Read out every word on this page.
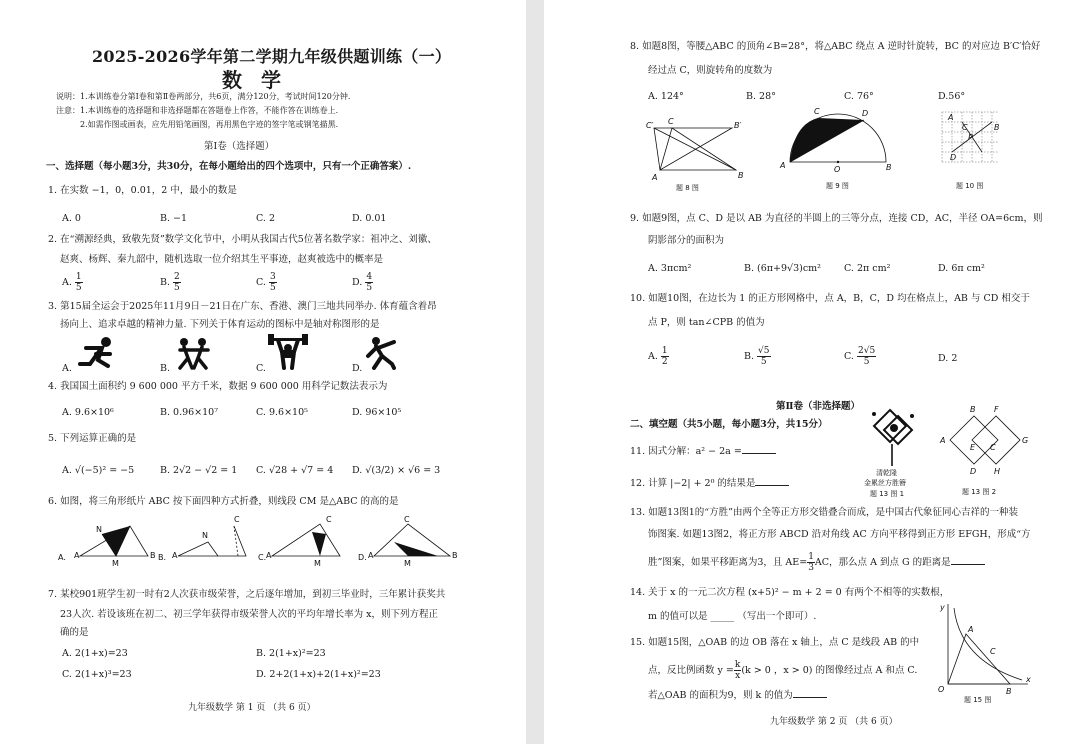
2025-2026学年第二学期九年级供题训练（一）
数 学
说明：1.本训练卷分第Ⅰ卷和第Ⅱ卷两部分，共6页，满分120分，考试时间120分钟.
注意：1.本训练卷的选择题和非选择题都在答题卷上作答，不能作答在训练卷上.
2.如需作图或画表，应先用铅笔画图，再用黑色字迹的签字笔或钢笔描黑.
第Ⅰ卷（选择题）
一、选择题（每小题3分，共30分，在每小题给出的四个选项中，只有一个正确答案）.
1. 在实数 −1，0，0.01，2 中，最小的数是
A. 0	B. −1	C. 2	D. 0.01
2. 在“溯源经典，致敬先贤”数学文化节中，小明从我国古代5位著名数学家：祖冲之、刘徽、
赵爽、杨辉、秦九韶中，随机选取一位介绍其生平事迹，赵爽被选中的概率是
A. $\frac{1}{5}$	B. $\frac{2}{5}$	C. $\frac{3}{5}$	D. $\frac{4}{5}$
3. 第15届全运会于2025年11月9日－21日在广东、香港、澳门三地共同举办. 体育蕴含着昂
扬向上、追求卓越的精神力量. 下列关于体育运动的图标中是轴对称图形的是
A.	B.	C.	D.
4. 我国国土面积约 9 600 000 平方千米，数据 9 600 000 用科学记数法表示为
A. 9.6×10⁶	B. 0.96×10⁷	C. 9.6×10⁵	D. 96×10⁵
5. 下列运算正确的是
A. √(−5)² = −5	B. 2√2 − √2 = 1 C. √28 + √7 = 4 D. √(3/2) × √6 = 3
6. 如图，将三角形纸片 ABC 按下面四种方式折叠，则线段 CM 是△ABC 的高的是
A.
N
A
M
B B.
N
A
C
C. A
M
C
D. A
M
C
B
7. 某校901班学生初一时有2人次获市级荣誉，之后逐年增加，到初三毕业时，三年累计获奖共
23人次. 若设该班在初二、初三学年获得市级荣誉人次的平均年增长率为 x，则下列方程正
确的是
A. 2(1+x)=23	B. 2(1+x)²=23
C. 2(1+x)³=23	D. 2+2(1+x)+2(1+x)²=23
九年级数学 第 1 页 （共 6 页）
8. 如题8图，等腰△ABC 的顶角∠B=28°，将△ABC 绕点 A 逆时针旋转，BC 的对应边 B′C′恰好
经过点 C，则旋转角的度数为
A. 124°	B. 28°	C. 76°	D.56°
C′ C	B′
A	B
题 8 图
C	D
A	O	B
题 9 图
A
C
P
D
B
题 10 图
9. 如题9图，点 C、D 是以 AB 为直径的半圆上的三等分点，连接 CD，AC，半径 OA=6cm，则
阴影部分的面积为
A. 3πcm²	B. (6π+9√3)cm² C. 2π cm²	D. 6π cm²
10. 如题10图，在边长为 1 的正方形网格中，点 A，B，C，D 均在格点上，AB 与 CD 相交于
点 P，则 tan∠CPB 的值为
A. $\frac{1}{2}$	B. $\frac{√5}{5}$	C. $\frac{2√5}{5}$	D. 2
第Ⅱ卷（非选择题）
二、填空题（共5小题，每小题3分，共15分）
11. 因式分解：a² − 2a =
12. 计算 |−2| + 2⁰ 的结果是
清乾隆
金累丝方胜簪
题 13 图 1
B F
A
E C
G
D H
题 13 图 2
13. 如题13图1的“方胜”由两个全等正方形交错叠合而成，是中国古代象征同心吉祥的一种装
饰图案. 如题13图2，将正方形 ABCD 沿对角线 AC 方向平移得到正方形 EFGH，形成“方
胜”图案，如果平移距离为3，且 $AE= \frac{1}{3}$ AC，那么点 A 到点 G 的距离是
14. 关于 x 的一元二次方程 (x+5)² − m + 2 = 0 有两个不相等的实数根，
m 的值可以是 _____ （写出一个即可）.
15. 如题15图，△OAB 的边 OB 落在 x 轴上，点 C 是线段 AB 的中
点，反比例函数 $y = \frac{k}{x} (k > 0$ ，x > 0) 的图像经过点 A 和点 C.
若△OAB 的面积为9，则 k 的值为
y
A
C
O	B
x
题 15 图
九年级数学 第 2 页 （共 6 页）
